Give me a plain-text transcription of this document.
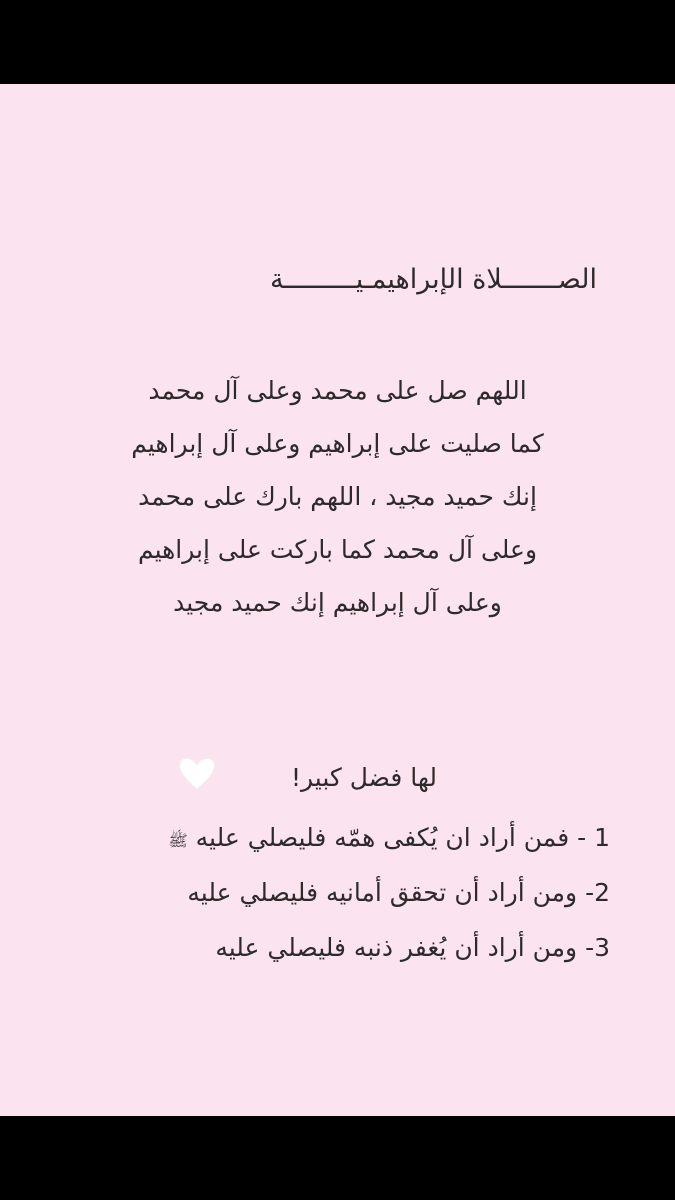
الصـــــــلاة الإبراهيمـيـــــــــة
اللهم صل على محمد وعلى آل محمد
كما صليت على إبراهيم وعلى آل إبراهيم
إنك حميد مجيد ، اللهم بارك على محمد
وعلى آل محمد كما باركت على إبراهيم
وعلى آل إبراهيم إنك حميد مجيد
لها فضل كبير!
1 - فمن أراد ان يُكفى همّه فليصلي عليه ﷺ
2- ومن أراد أن تحقق أمانيه فليصلي عليه
3- ومن أراد أن يُغفر ذنبه فليصلي عليه
